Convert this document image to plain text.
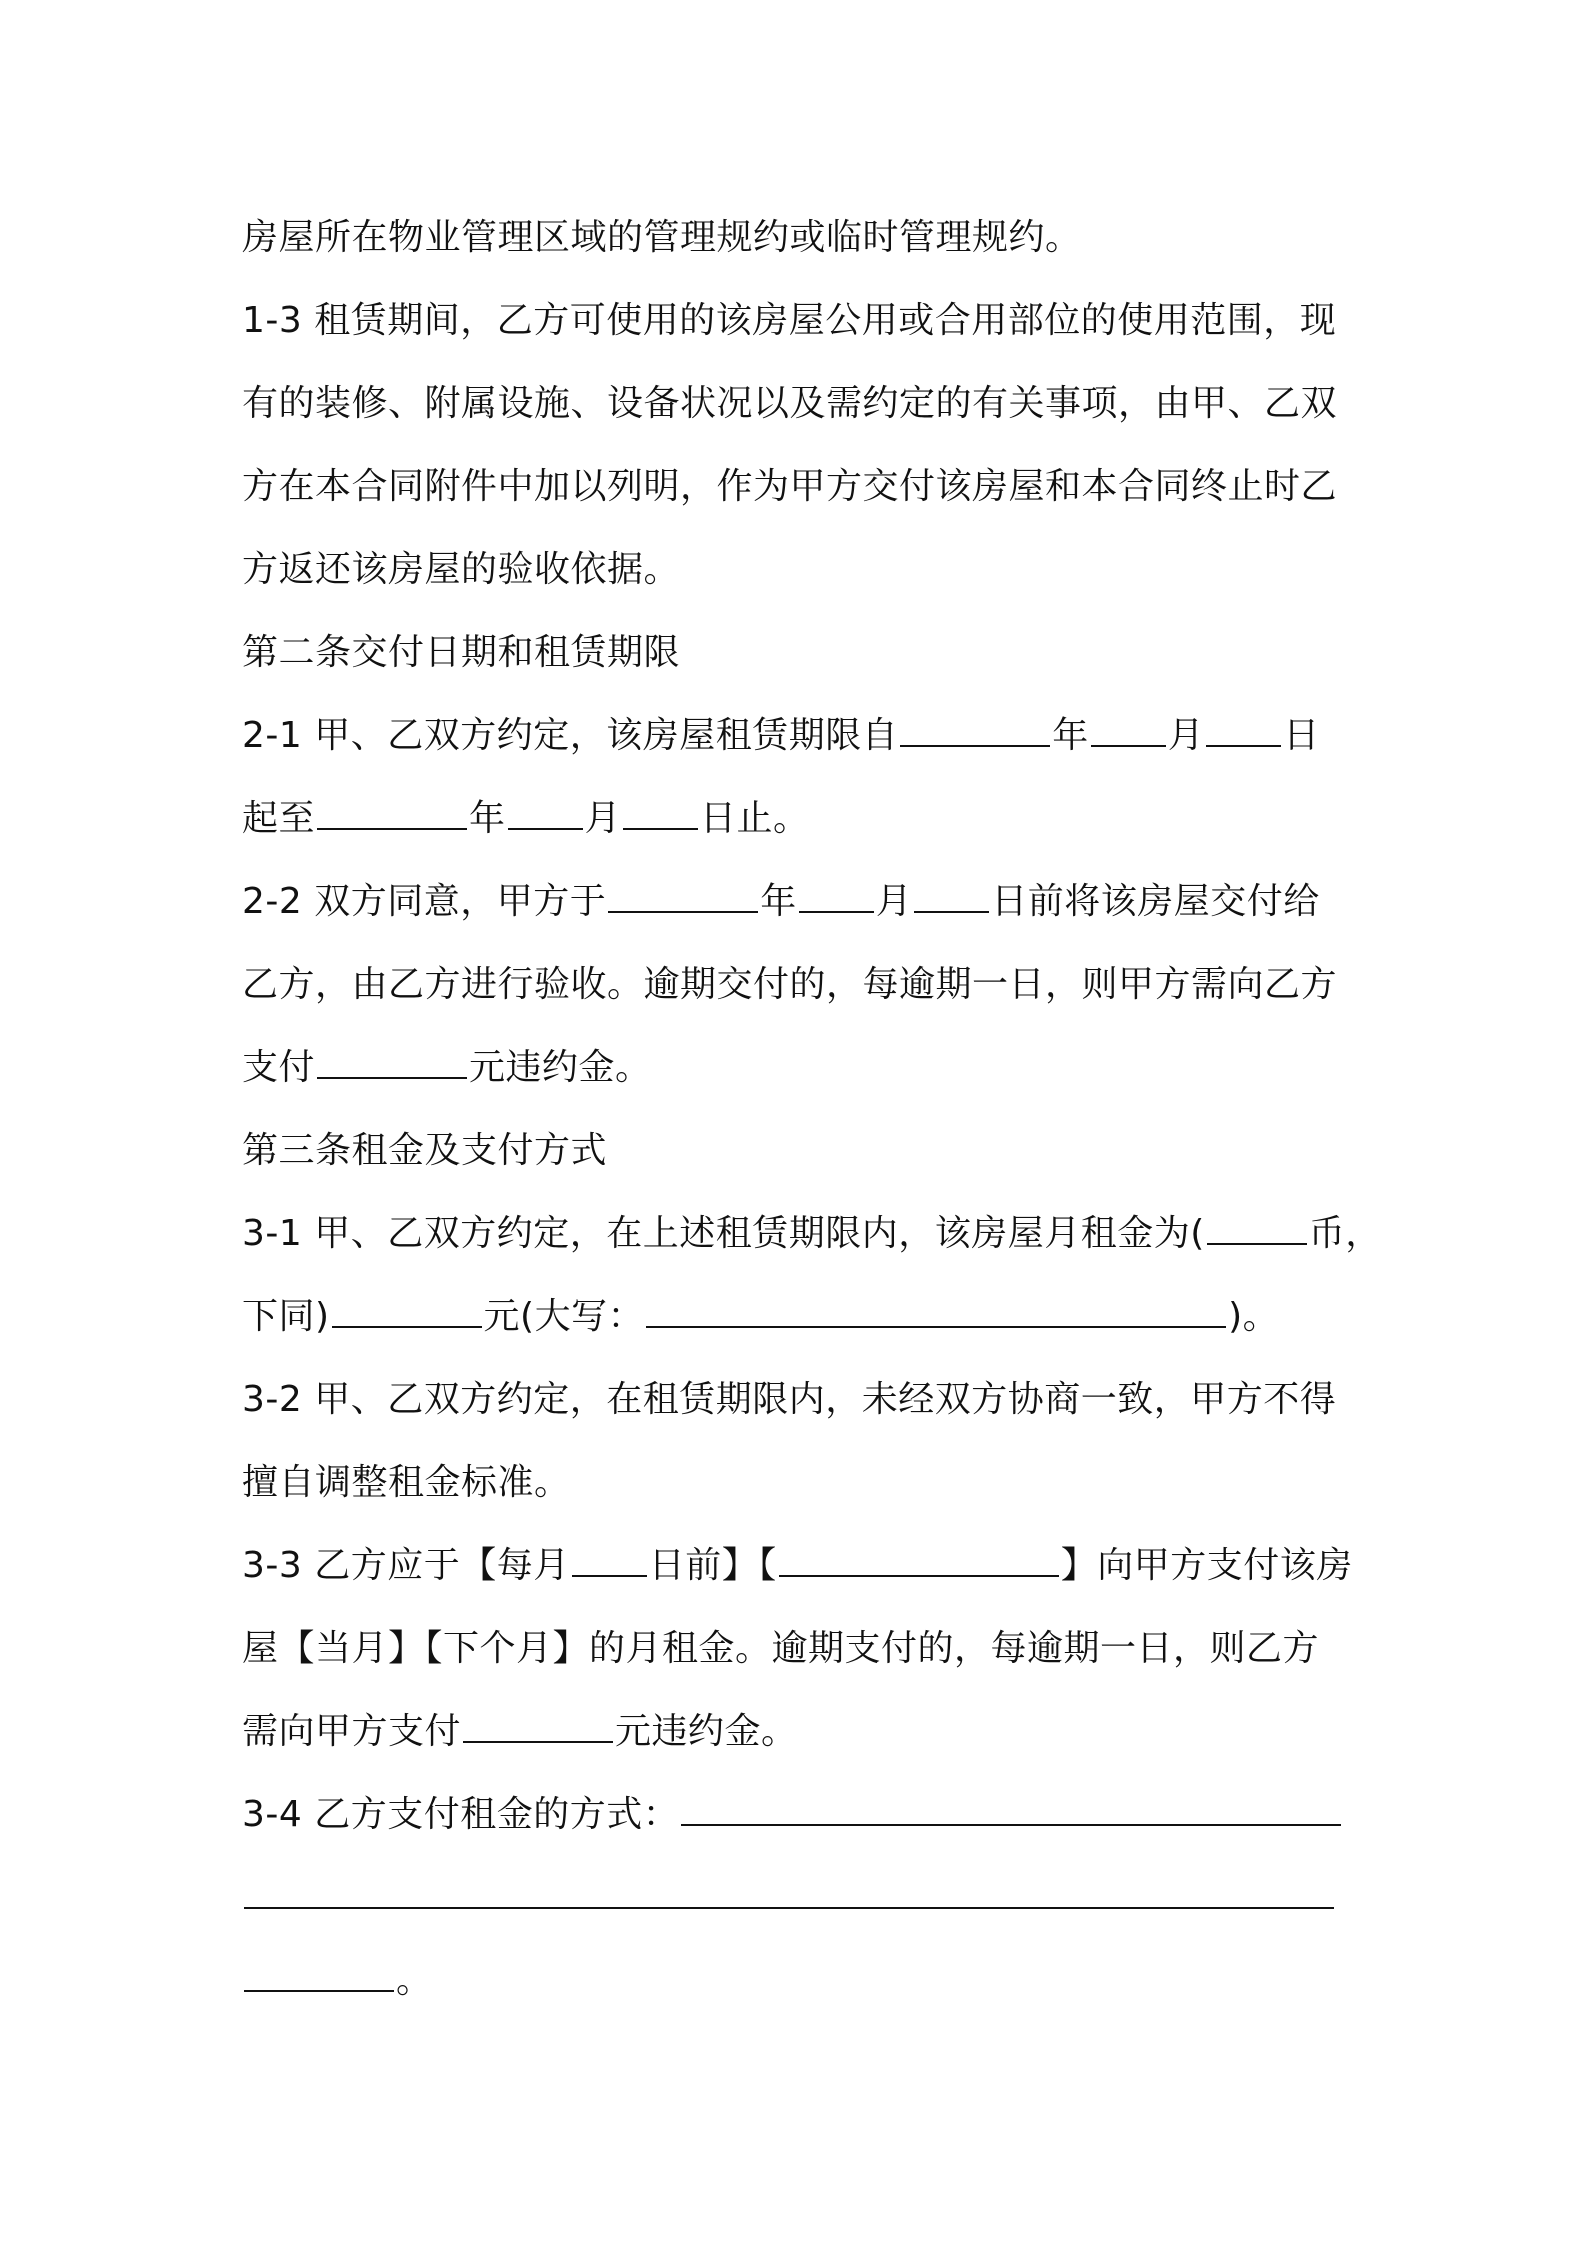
房屋所在物业管理区域的管理规约或临时管理规约。
1-3 租赁期间，乙方可使用的该房屋公用或合用部位的使用范围，现
有的装修、附属设施、设备状况以及需约定的有关事项，由甲、乙双
方在本合同附件中加以列明，作为甲方交付该房屋和本合同终止时乙
方返还该房屋的验收依据。
第二条交付日期和租赁期限
2-1 甲、乙双方约定，该房屋租赁期限自	年 月 日
起至	年 月 日止。
2-2 双方同意，甲方于	年 月 日前将该房屋交付给
乙方，由乙方进行验收。逾期交付的，每逾期一日，则甲方需向乙方
支付	元违约金。
第三条租金及支付方式
3-1 甲、乙双方约定，在上述租赁期限内，该房屋月租金为(	币，
下同)	元(大写：	)。
3-2 甲、乙双方约定，在租赁期限内，未经双方协商一致，甲方不得
擅自调整租金标准。
3-3 乙方应于【每月 日前】【	】向甲方支付该房
屋【当月】【下个月】的月租金。逾期支付的，每逾期一日，则乙方
需向甲方支付	元违约金。
3-4 乙方支付租金的方式：
。
